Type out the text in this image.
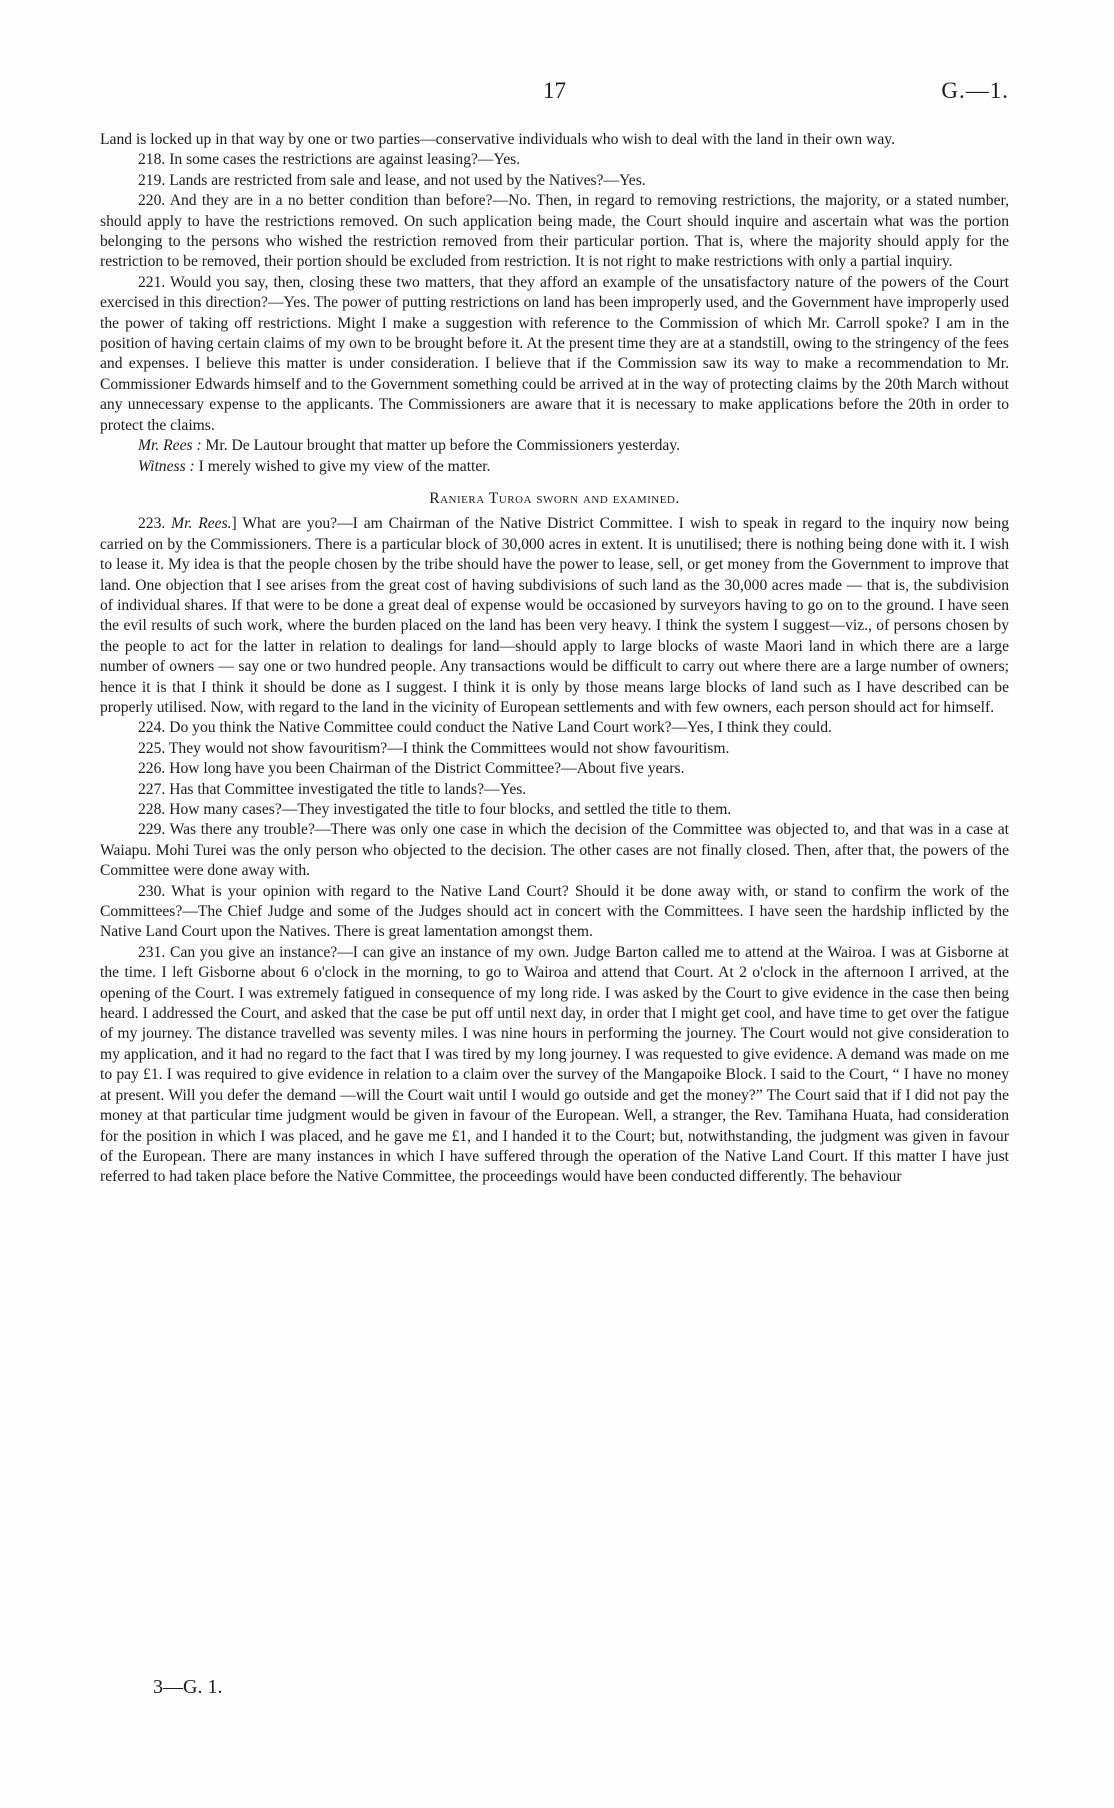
17	G.—1.

Land is locked up in that way by one or two parties—conservative individuals who wish to deal with the land in their own way.

218. In some cases the restrictions are against leasing?—Yes.

219. Lands are restricted from sale and lease, and not used by the Natives?—Yes.

220. And they are in a no better condition than before?—No. Then, in regard to removing restrictions, the majority, or a stated number, should apply to have the restrictions removed. On such application being made, the Court should inquire and ascertain what was the portion belonging to the persons who wished the restriction removed from their particular portion. That is, where the majority should apply for the restriction to be removed, their portion should be excluded from restriction. It is not right to make restrictions with only a partial inquiry.

221. Would you say, then, closing these two matters, that they afford an example of the unsatisfactory nature of the powers of the Court exercised in this direction?—Yes. The power of putting restrictions on land has been improperly used, and the Government have improperly used the power of taking off restrictions. Might I make a suggestion with reference to the Commission of which Mr. Carroll spoke? I am in the position of having certain claims of my own to be brought before it. At the present time they are at a standstill, owing to the stringency of the fees and expenses. I believe this matter is under consideration. I believe that if the Commission saw its way to make a recommendation to Mr. Commissioner Edwards himself and to the Government something could be arrived at in the way of protecting claims by the 20th March without any unnecessary expense to the applicants. The Commissioners are aware that it is necessary to make applications before the 20th in order to protect the claims.

Mr. Rees : Mr. De Lautour brought that matter up before the Commissioners yesterday.

Witness : I merely wished to give my view of the matter.

Raniera Turoa sworn and examined.

223. Mr. Rees.] What are you?—I am Chairman of the Native District Committee. I wish to speak in regard to the inquiry now being carried on by the Commissioners. There is a particular block of 30,000 acres in extent. It is unutilised; there is nothing being done with it. I wish to lease it. My idea is that the people chosen by the tribe should have the power to lease, sell, or get money from the Government to improve that land. One objection that I see arises from the great cost of having subdivisions of such land as the 30,000 acres made — that is, the subdivision of individual shares. If that were to be done a great deal of expense would be occasioned by surveyors having to go on to the ground. I have seen the evil results of such work, where the burden placed on the land has been very heavy. I think the system I suggest—viz., of persons chosen by the people to act for the latter in relation to dealings for land—should apply to large blocks of waste Maori land in which there are a large number of owners — say one or two hundred people. Any transactions would be difficult to carry out where there are a large number of owners; hence it is that I think it should be done as I suggest. I think it is only by those means large blocks of land such as I have described can be properly utilised. Now, with regard to the land in the vicinity of European settlements and with few owners, each person should act for himself.

224. Do you think the Native Committee could conduct the Native Land Court work?—Yes, I think they could.

225. They would not show favouritism?—I think the Committees would not show favouritism.

226. How long have you been Chairman of the District Committee?—About five years.

227. Has that Committee investigated the title to lands?—Yes.

228. How many cases?—They investigated the title to four blocks, and settled the title to them.

229. Was there any trouble?—There was only one case in which the decision of the Committee was objected to, and that was in a case at Waiapu. Mohi Turei was the only person who objected to the decision. The other cases are not finally closed. Then, after that, the powers of the Committee were done away with.

230. What is your opinion with regard to the Native Land Court? Should it be done away with, or stand to confirm the work of the Committees?—The Chief Judge and some of the Judges should act in concert with the Committees. I have seen the hardship inflicted by the Native Land Court upon the Natives. There is great lamentation amongst them.

231. Can you give an instance?—I can give an instance of my own. Judge Barton called me to attend at the Wairoa. I was at Gisborne at the time. I left Gisborne about 6 o'clock in the morning, to go to Wairoa and attend that Court. At 2 o'clock in the afternoon I arrived, at the opening of the Court. I was extremely fatigued in consequence of my long ride. I was asked by the Court to give evidence in the case then being heard. I addressed the Court, and asked that the case be put off until next day, in order that I might get cool, and have time to get over the fatigue of my journey. The distance travelled was seventy miles. I was nine hours in performing the journey. The Court would not give consideration to my application, and it had no regard to the fact that I was tired by my long journey. I was requested to give evidence. A demand was made on me to pay £1. I was required to give evidence in relation to a claim over the survey of the Mangapoike Block. I said to the Court, “ I have no money at present. Will you defer the demand —will the Court wait until I would go outside and get the money?” The Court said that if I did not pay the money at that particular time judgment would be given in favour of the European. Well, a stranger, the Rev. Tamihana Huata, had consideration for the position in which I was placed, and he gave me £1, and I handed it to the Court; but, notwithstanding, the judgment was given in favour of the European. There are many instances in which I have suffered through the operation of the Native Land Court. If this matter I have just referred to had taken place before the Native Committee, the proceedings would have been conducted differently. The behaviour

3—G. 1.
